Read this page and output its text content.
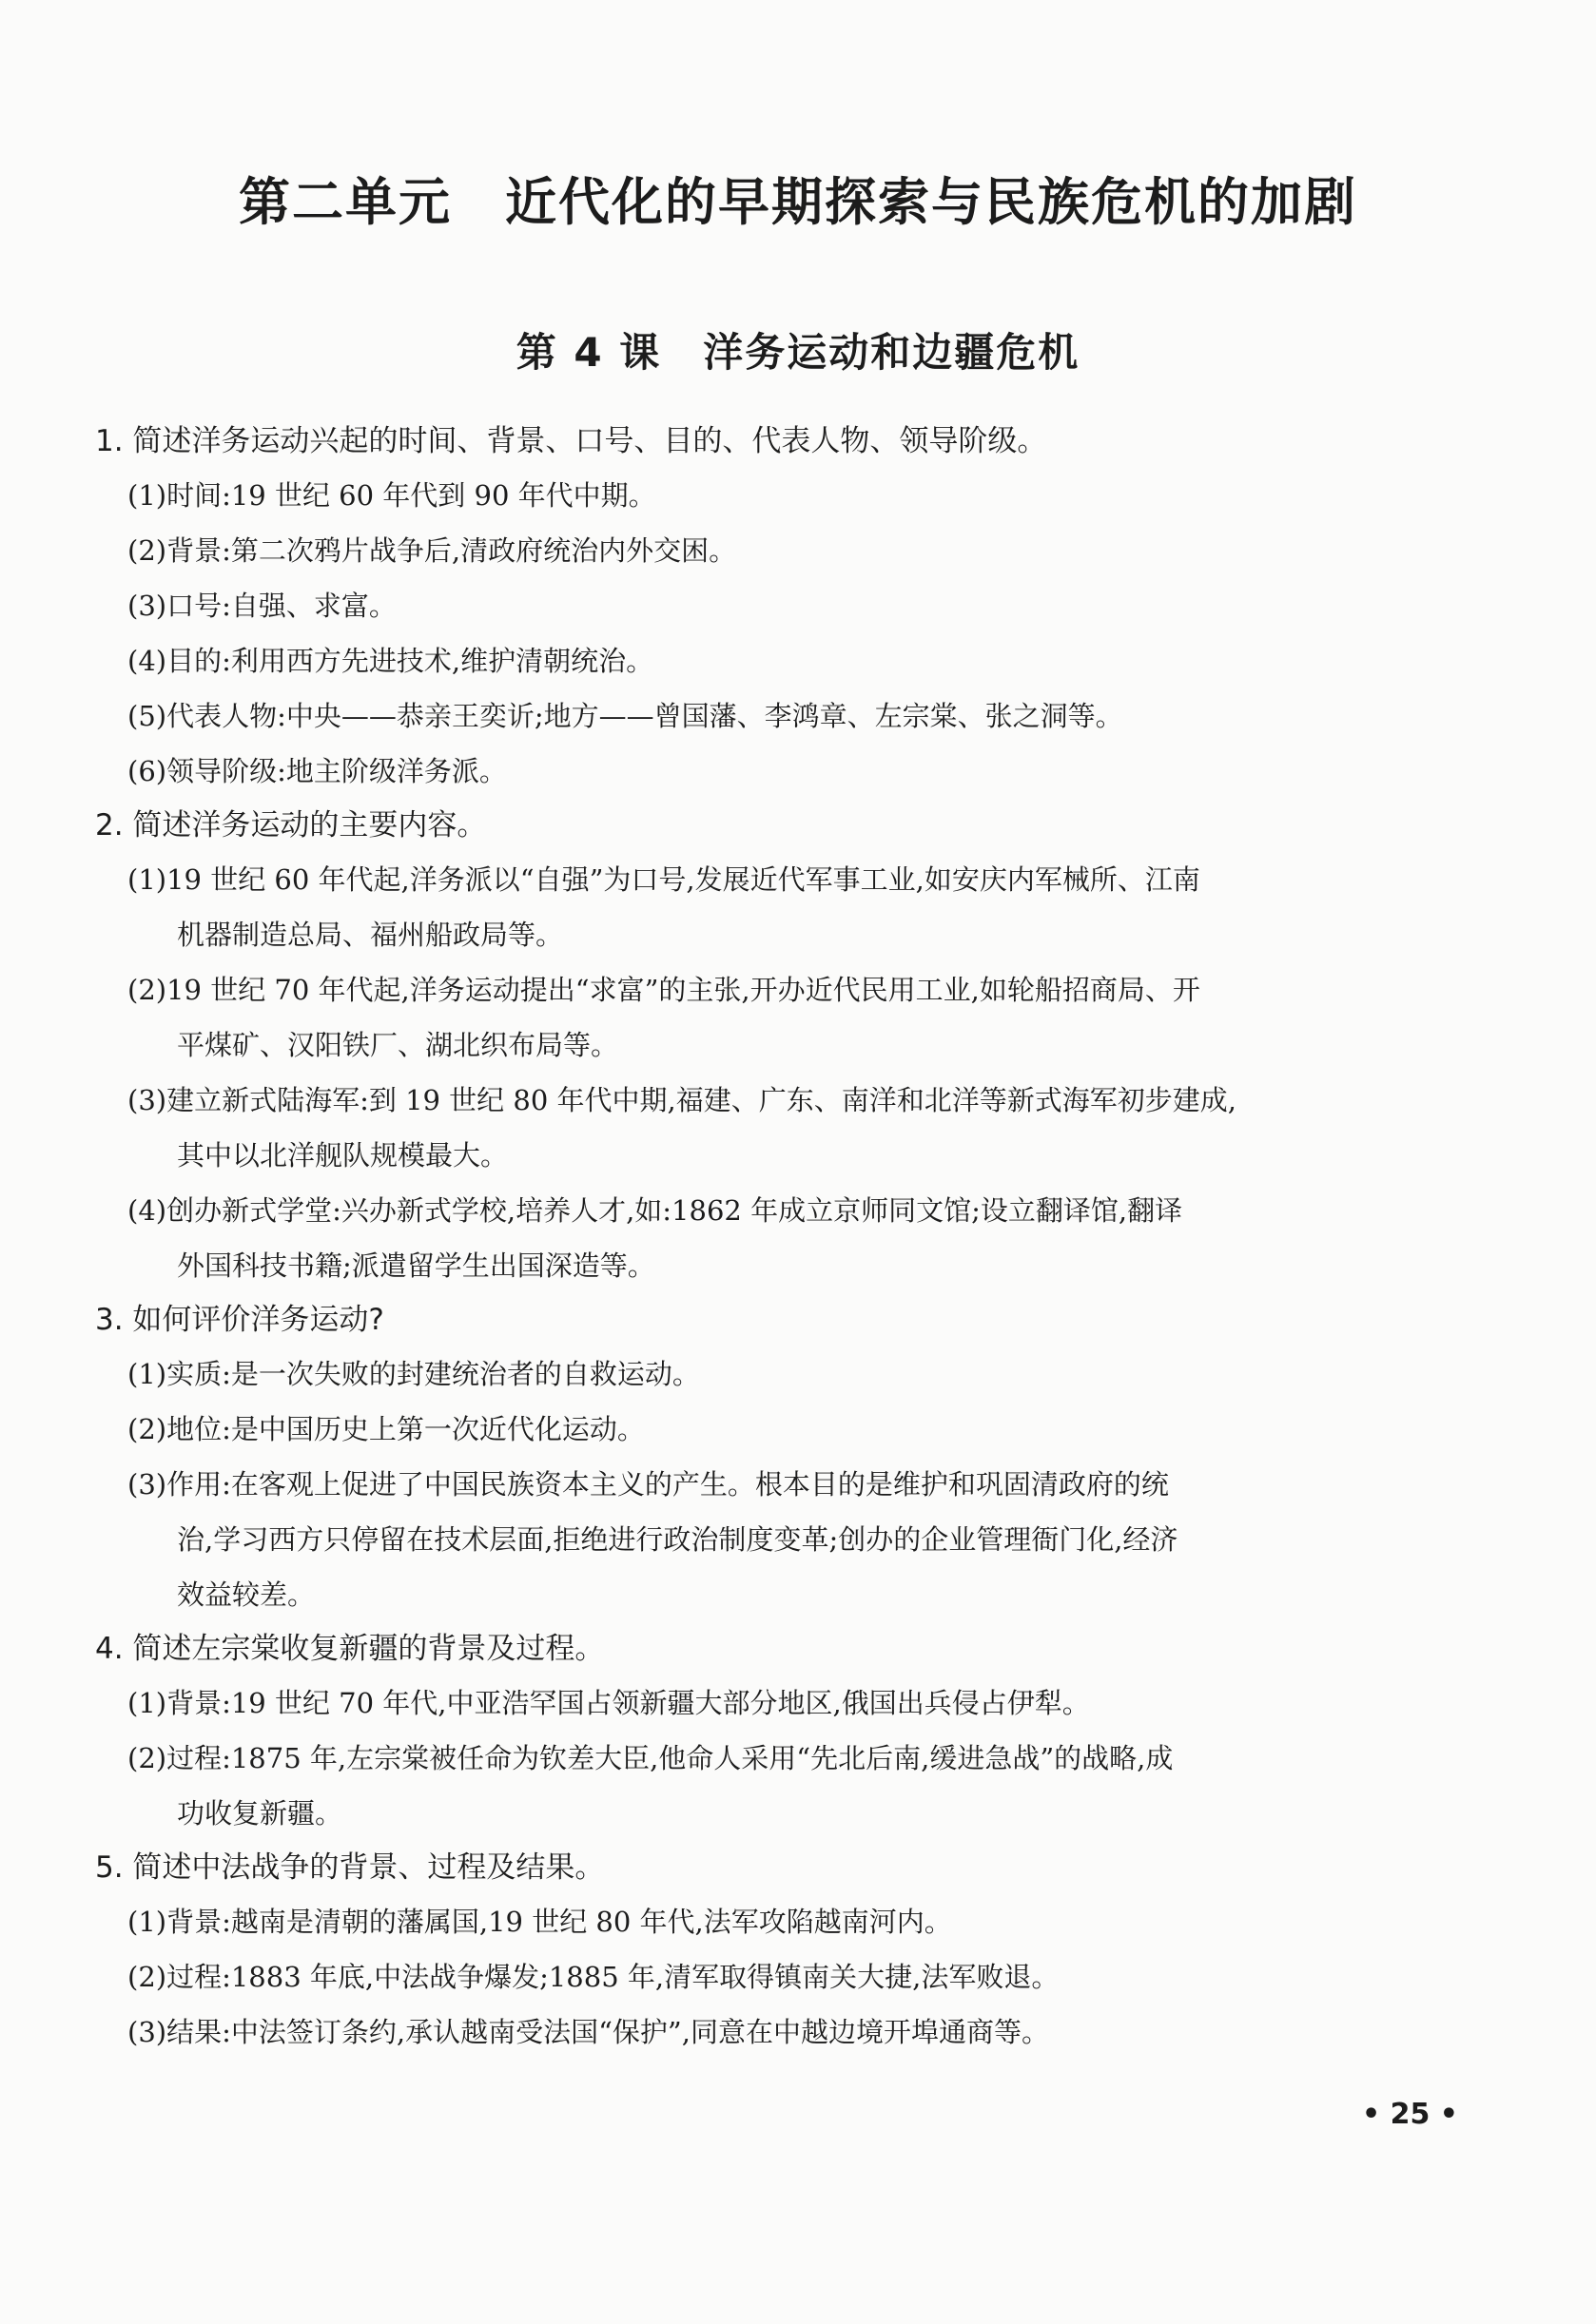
第二单元　近代化的早期探索与民族危机的加剧
第 4 课　洋务运动和边疆危机

1. 简述洋务运动兴起的时间、背景、口号、目的、代表人物、领导阶级。

(1)时间:19 世纪 60 年代到 90 年代中期。

(2)背景:第二次鸦片战争后,清政府统治内外交困。

(3)口号:自强、求富。

(4)目的:利用西方先进技术,维护清朝统治。

(5)代表人物:中央——恭亲王奕䜣;地方——曾国藩、李鸿章、左宗棠、张之洞等。

(6)领导阶级:地主阶级洋务派。

2. 简述洋务运动的主要内容。

(1)19 世纪 60 年代起,洋务派以“自强”为口号,发展近代军事工业,如安庆内军械所、江南
机器制造总局、福州船政局等。

(2)19 世纪 70 年代起,洋务运动提出“求富”的主张,开办近代民用工业,如轮船招商局、开
平煤矿、汉阳铁厂、湖北织布局等。

(3)建立新式陆海军:到 19 世纪 80 年代中期,福建、广东、南洋和北洋等新式海军初步建成,
其中以北洋舰队规模最大。

(4)创办新式学堂:兴办新式学校,培养人才,如:1862 年成立京师同文馆;设立翻译馆,翻译
外国科技书籍;派遣留学生出国深造等。

3. 如何评价洋务运动?

(1)实质:是一次失败的封建统治者的自救运动。

(2)地位:是中国历史上第一次近代化运动。

(3)作用:在客观上促进了中国民族资本主义的产生。根本目的是维护和巩固清政府的统
治,学习西方只停留在技术层面,拒绝进行政治制度变革;创办的企业管理衙门化,经济
效益较差。

4. 简述左宗棠收复新疆的背景及过程。

(1)背景:19 世纪 70 年代,中亚浩罕国占领新疆大部分地区,俄国出兵侵占伊犁。

(2)过程:1875 年,左宗棠被任命为钦差大臣,他命人采用“先北后南,缓进急战”的战略,成
功收复新疆。

5. 简述中法战争的背景、过程及结果。

(1)背景:越南是清朝的藩属国,19 世纪 80 年代,法军攻陷越南河内。

(2)过程:1883 年底,中法战争爆发;1885 年,清军取得镇南关大捷,法军败退。

(3)结果:中法签订条约,承认越南受法国“保护”,同意在中越边境开埠通商等。

• 25 •
